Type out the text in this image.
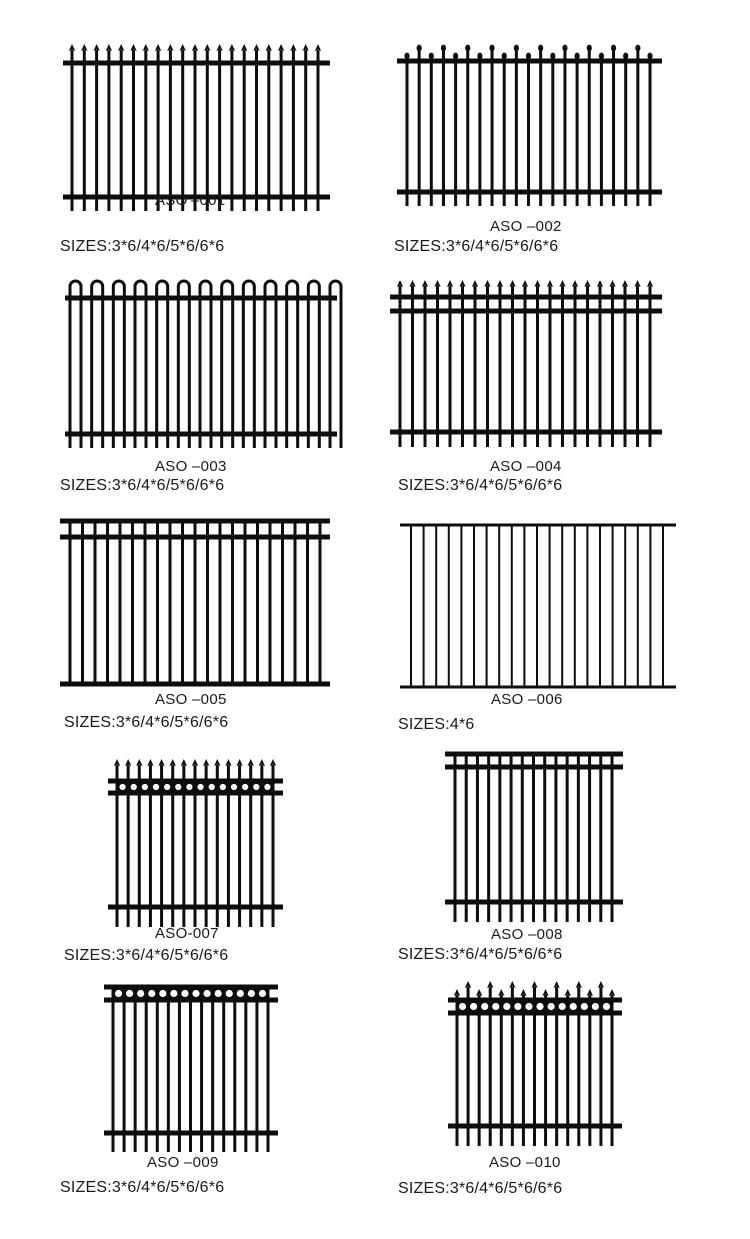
ASO –001
SIZES:3*6/4*6/5*6/6*6
ASO –002
SIZES:3*6/4*6/5*6/6*6
ASO –003
SIZES:3*6/4*6/5*6/6*6
ASO –004
SIZES:3*6/4*6/5*6/6*6
ASO –005
SIZES:3*6/4*6/5*6/6*6
ASO –006
SIZES:4*6
ASO-007
SIZES:3*6/4*6/5*6/6*6
ASO –008
SIZES:3*6/4*6/5*6/6*6
ASO –009
SIZES:3*6/4*6/5*6/6*6
ASO –010
SIZES:3*6/4*6/5*6/6*6
